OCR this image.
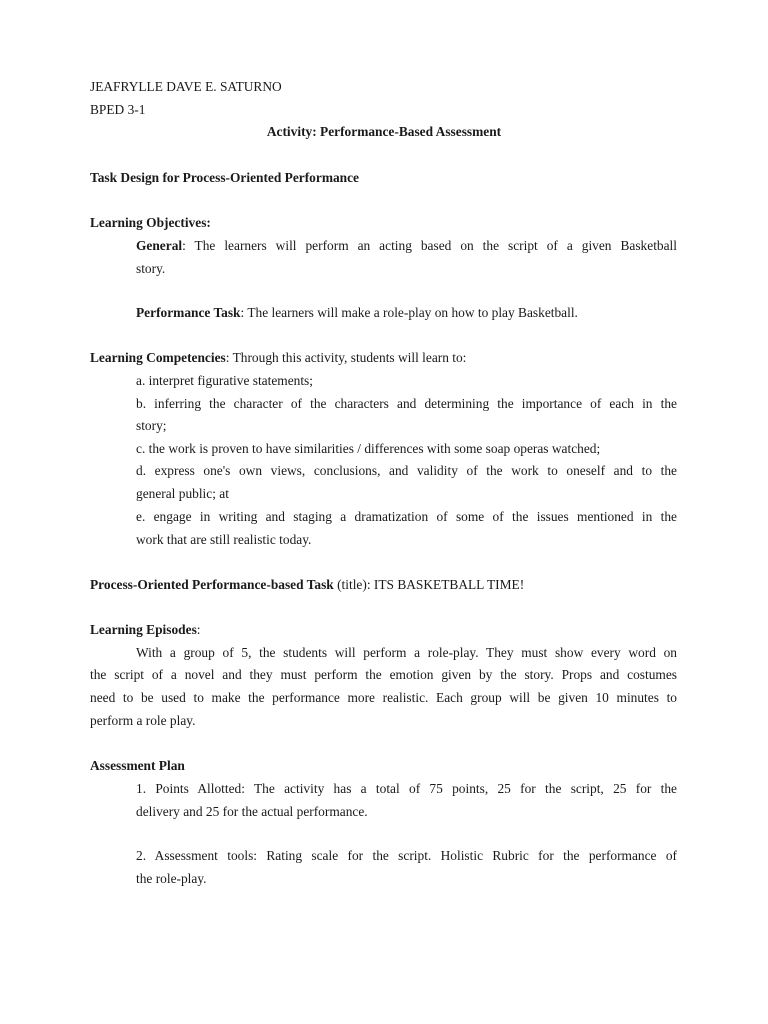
JEAFRYLLE DAVE E. SATURNO
BPED 3-1
Activity: Performance-Based Assessment
Task Design for Process-Oriented Performance
Learning Objectives:
General: The learners will perform an acting based on the script of a given Basketball
story.
Performance Task: The learners will make a role-play on how to play Basketball.
Learning Competencies: Through this activity, students will learn to:
a. interpret figurative statements;
b. inferring the character of the characters and determining the importance of each in the
story;
c. the work is proven to have similarities / differences with some soap operas watched;
d. express one's own views, conclusions, and validity of the work to oneself and to the
general public; at
e. engage in writing and staging a dramatization of some of the issues mentioned in the
work that are still realistic today.
Process-Oriented Performance-based Task (title): ITS BASKETBALL TIME!
Learning Episodes:
With a group of 5, the students will perform a role-play. They must show every word on
the script of a novel and they must perform the emotion given by the story. Props and costumes
need to be used to make the performance more realistic. Each group will be given 10 minutes to
perform a role play.
Assessment Plan
1. Points Allotted: The activity has a total of 75 points, 25 for the script, 25 for the
delivery and 25 for the actual performance.
2. Assessment tools: Rating scale for the script. Holistic Rubric for the performance of
the role-play.
